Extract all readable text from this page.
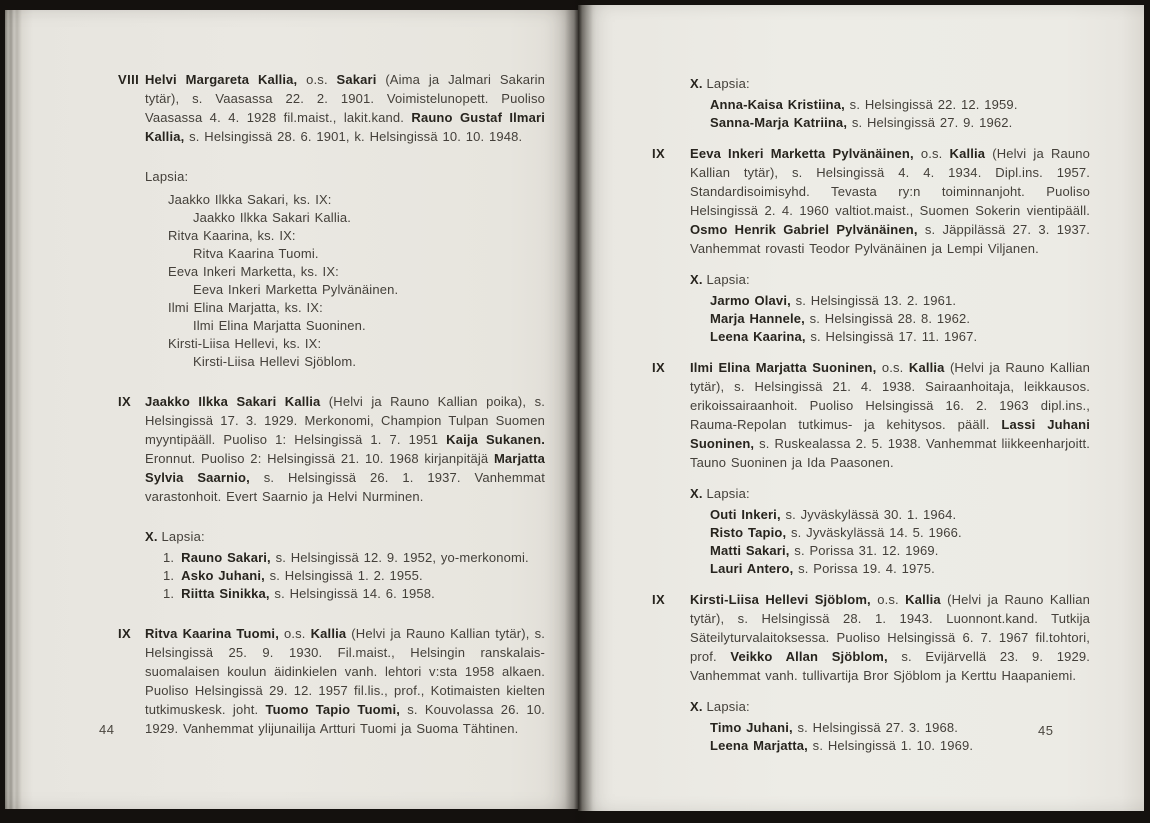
VIII Helvi Margareta Kallia, o.s. Sakari (Aima ja Jalmari Sakarin tytär), s. Vaasassa 22. 2. 1901. Voimistelunopett. Puoliso Vaasassa 4. 4. 1928 fil.maist., lakit.kand. Rauno Gustaf Ilmari Kallia, s. Helsingissä 28. 6. 1901, k. Helsingissä 10. 10. 1948.

Lapsia:
Jaakko Ilkka Sakari, ks. IX:
Jaakko Ilkka Sakari Kallia.
Ritva Kaarina, ks. IX:
Ritva Kaarina Tuomi.
Eeva Inkeri Marketta, ks. IX:
Eeva Inkeri Marketta Pylvänäinen.
Ilmi Elina Marjatta, ks. IX:
Ilmi Elina Marjatta Suoninen.
Kirsti-Liisa Hellevi, ks. IX:
Kirsti-Liisa Hellevi Sjöblom.
IX	Jaakko Ilkka Sakari Kallia (Helvi ja Rauno Kallian poika), s. Helsingissä 17. 3. 1929. Merkonomi, Champion Tulpan Suomen myyntipääll. Puoliso 1: Helsingissä 1. 7. 1951 Kaija Sukanen. Eronnut. Puoliso 2: Helsingissä 21. 10. 1968 kirjanpitäjä Marjatta Sylvia Saarnio, s. Helsingissä 26. 1. 1937. Vanhemmat varastonhoit. Evert Saarnio ja Helvi Nurminen.

X. Lapsia:
1. Rauno Sakari, s. Helsingissä 12. 9. 1952, yo-merkonomi.
1. Asko Juhani, s. Helsingissä 1. 2. 1955.
1. Riitta Sinikka, s. Helsingissä 14. 6. 1958.
IX	Ritva Kaarina Tuomi, o.s. Kallia (Helvi ja Rauno Kallian tytär), s. Helsingissä 25. 9. 1930. Fil.maist., Helsingin ranskalais-suomalaisen koulun äidinkielen vanh. lehtori v:sta 1958 alkaen. Puoliso Helsingissä 29. 12. 1957 fil.lis., prof., Kotimaisten kielten tutkimuskesk. joht. Tuomo Tapio Tuomi, s. Kouvolassa 26. 10. 1929. Vanhemmat ylijunailija Artturi Tuomi ja Suoma Tähtinen.

44
X. Lapsia:
Anna-Kaisa Kristiina, s. Helsingissä 22. 12. 1959.
Sanna-Marja Katriina, s. Helsingissä 27. 9. 1962.
IX	Eeva Inkeri Marketta Pylvänäinen, o.s. Kallia (Helvi ja Rauno Kallian tytär), s. Helsingissä 4. 4. 1934. Dipl.ins. 1957. Standardisoimisyhd. Tevasta ry:n toiminnanjoht. Puoliso Helsingissä 2. 4. 1960 valtiot.maist., Suomen Sokerin vientipääll. Osmo Henrik Gabriel Pylvänäinen, s. Jäppilässä 27. 3. 1937. Vanhemmat rovasti Teodor Pylvänäinen ja Lempi Viljanen.

X. Lapsia:
Jarmo Olavi, s. Helsingissä 13. 2. 1961.
Marja Hannele, s. Helsingissä 28. 8. 1962.
Leena Kaarina, s. Helsingissä 17. 11. 1967.
IX	Ilmi Elina Marjatta Suoninen, o.s. Kallia (Helvi ja Rauno Kallian tytär), s. Helsingissä 21. 4. 1938. Sairaanhoitaja, leikkausos. erikoissairaanhoit. Puoliso Helsingissä 16. 2. 1963 dipl.ins., Rauma-Repolan tutkimus- ja kehitysos. pääll. Lassi Juhani Suoninen, s. Ruskealassa 2. 5. 1938. Vanhemmat liikkeenharjoitt. Tauno Suoninen ja Ida Paasonen.

X. Lapsia:
Outi Inkeri, s. Jyväskylässä 30. 1. 1964.
Risto Tapio, s. Jyväskylässä 14. 5. 1966.
Matti Sakari, s. Porissa 31. 12. 1969.
Lauri Antero, s. Porissa 19. 4. 1975.
IX	Kirsti-Liisa Hellevi Sjöblom, o.s. Kallia (Helvi ja Rauno Kallian tytär), s. Helsingissä 28. 1. 1943. Luonnont.kand. Tutkija Säteilyturvalaitoksessa. Puoliso Helsingissä 6. 7. 1967 fil.tohtori, prof. Veikko Allan Sjöblom, s. Evijärvellä 23. 9. 1929. Vanhemmat vanh. tullivartija Bror Sjöblom ja Kerttu Haapaniemi.

X. Lapsia:
Timo Juhani, s. Helsingissä 27. 3. 1968.
Leena Marjatta, s. Helsingissä 1. 10. 1969.
45
